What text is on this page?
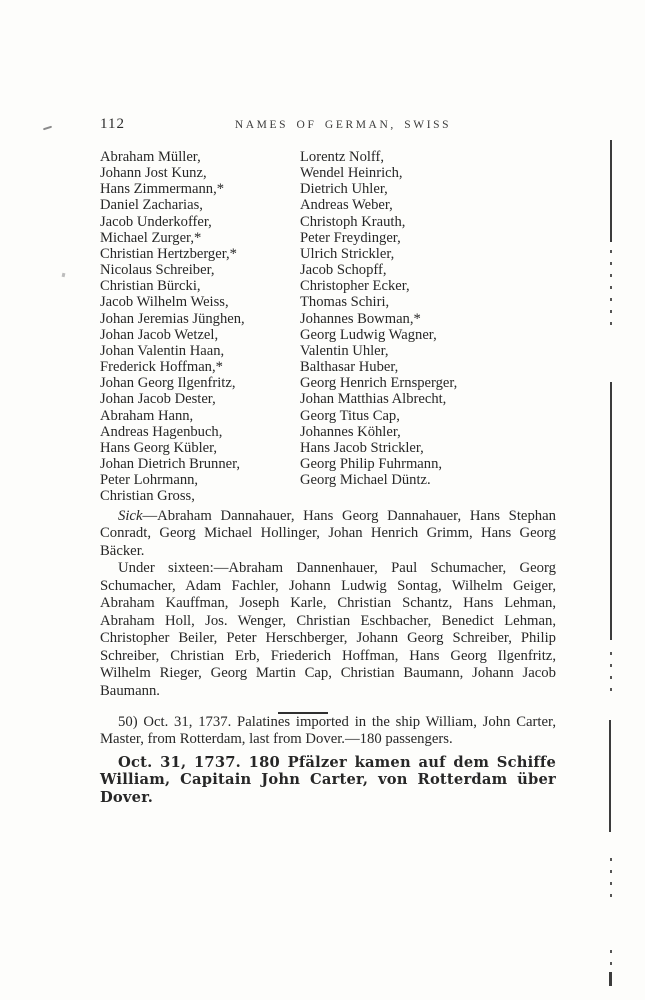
112	NAMES OF GERMAN, SWISS
Abraham Müller,
Johann Jost Kunz,
Hans Zimmermann,*
Daniel Zacharias,
Jacob Underkoffer,
Michael Zurger,*
Christian Hertzberger,*
Nicolaus Schreiber,
Christian Bürcki,
Jacob Wilhelm Weiss,
Johan Jeremias Jünghen,
Johan Jacob Wetzel,
Johan Valentin Haan,
Frederick Hoffman,*
Johan Georg Ilgenfritz,
Johan Jacob Dester,
Abraham Hann,
Andreas Hagenbuch,
Hans Georg Kübler,
Johan Dietrich Brunner,
Peter Lohrmann,
Christian Gross,
Lorentz Nolff,
Wendel Heinrich,
Dietrich Uhler,
Andreas Weber,
Christoph Krauth,
Peter Freydinger,
Ulrich Strickler,
Jacob Schopff,
Christopher Ecker,
Thomas Schiri,
Johannes Bowman,*
Georg Ludwig Wagner,
Valentin Uhler,
Balthasar Huber,
Georg Henrich Ernsperger,
Johan Matthias Albrecht,
Georg Titus Cap,
Johannes Köhler,
Hans Jacob Strickler,
Georg Philip Fuhrmann,
Georg Michael Düntz.

Sick—Abraham Dannahauer, Hans Georg Dannahauer, Hans Stephan Conradt, Georg Michael Hollinger, Johan Henrich Grimm, Hans Georg Bäcker.

Under sixteen:—Abraham Dannenhauer, Paul Schumacher, Georg Schumacher, Adam Fachler, Johann Ludwig Sontag, Wilhelm Geiger, Abraham Kauffman, Joseph Karle, Christian Schantz, Hans Lehman, Abraham Holl, Jos. Wenger, Christian Eschbacher, Benedict Lehman, Christopher Beiler, Peter Herschberger, Johann Georg Schreiber, Philip Schreiber, Christian Erb, Friederich Hoffman, Hans Georg Ilgenfritz, Wilhelm Rieger, Georg Martin Cap, Christian Baumann, Johann Jacob Baumann.

50) Oct. 31, 1737. Palatines imported in the ship William, John Carter, Master, from Rotterdam, last from Dover.—180 passengers.

Oct. 31, 1737. 180 Pfälzer kamen auf dem Schiffe William, Capitain John Carter, von Rotterdam über Dover.
